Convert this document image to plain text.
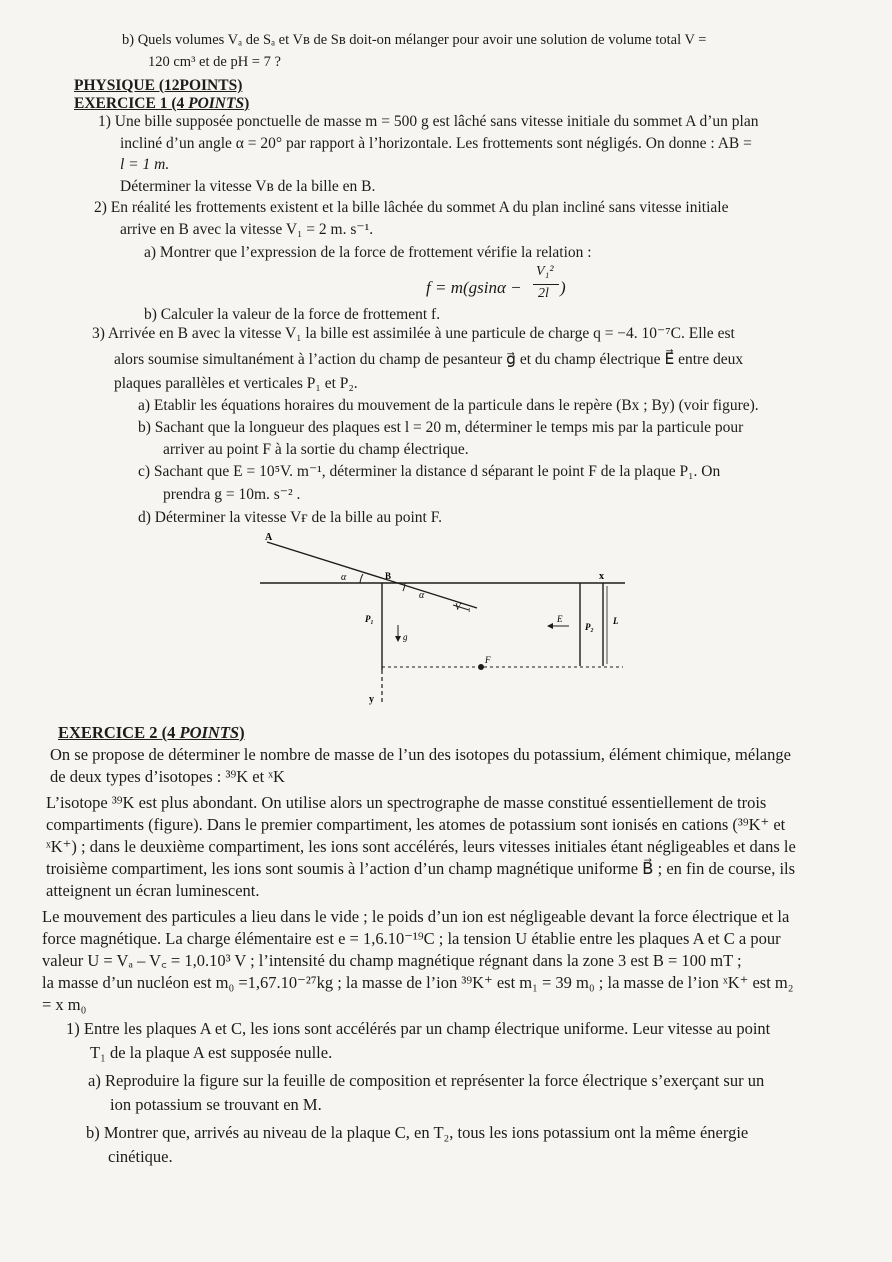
b) Quels volumes Vₐ de Sₐ et Vʙ de Sʙ doit-on mélanger pour avoir une solution de volume total V =
120 cm³ et de pH = 7 ?
PHYSIQUE (12POINTS)
EXERCICE 1 (4 POINTS)
1) Une bille supposée ponctuelle de masse m = 500 g est lâché sans vitesse initiale du sommet A d’un plan
incliné d’un angle α = 20° par rapport à l’horizontale. Les frottements sont négligés. On donne : AB =
l = 1 m.
Déterminer la vitesse Vʙ de la bille en B.
2) En réalité les frottements existent et la bille lâchée du sommet A du plan incliné sans vitesse initiale
arrive en B avec la vitesse V₁ = 2 m. s⁻¹.
a) Montrer que l’expression de la force de frottement vérifie la relation :
f = m(gsinα −
V₁²
2l )
b) Calculer la valeur de la force de frottement f.
3) Arrivée en B avec la vitesse V₁ la bille est assimilée à une particule de charge q = −4. 10⁻⁷C. Elle est
alors soumise simultanément à l’action du champ de pesanteur g⃗ et du champ électrique E⃗ entre deux
plaques parallèles et verticales P₁ et P₂.
a) Etablir les équations horaires du mouvement de la particule dans le repère (Bx ; By) (voir figure).
b) Sachant que la longueur des plaques est l = 20 m, déterminer le temps mis par la particule pour
arriver au point F à la sortie du champ électrique.
c) Sachant que E = 10⁵V. m⁻¹, déterminer la distance d séparant le point F de la plaque P₁. On
prendra g = 10m. s⁻² .
d) Déterminer la vitesse Vғ de la bille au point F.
A
B	x
y
α
α
P₁
P₂
g⃗
V⃗₁
E⃗	L
F
EXERCICE 2 (4 POINTS)
On se propose de déterminer le nombre de masse de l’un des isotopes du potassium, élément chimique, mélange
de deux types d’isotopes : ³⁹K et ˣK
L’isotope ³⁹K est plus abondant. On utilise alors un spectrographe de masse constitué essentiellement de trois
compartiments (figure). Dans le premier compartiment, les atomes de potassium sont ionisés en cations (³⁹K⁺ et
ˣK⁺) ; dans le deuxième compartiment, les ions sont accélérés, leurs vitesses initiales étant négligeables et dans le
troisième compartiment, les ions sont soumis à l’action d’un champ magnétique uniforme B⃗ ; en fin de course, ils
atteignent un écran luminescent.
Le mouvement des particules a lieu dans le vide ; le poids d’un ion est négligeable devant la force électrique et la
force magnétique. La charge élémentaire est e = 1,6.10⁻¹⁹C ; la tension U établie entre les plaques A et C a pour
valeur U = Vₐ – V꜀ = 1,0.10³ V ; l’intensité du champ magnétique régnant dans la zone 3 est B = 100 mT ;
la masse d’un nucléon est m₀ =1,67.10⁻²⁷kg ; la masse de l’ion ³⁹K⁺ est m₁ = 39 m₀ ; la masse de l’ion ˣK⁺ est m₂
= x m₀
1) Entre les plaques A et C, les ions sont accélérés par un champ électrique uniforme. Leur vitesse au point
T₁ de la plaque A est supposée nulle.
a) Reproduire la figure sur la feuille de composition et représenter la force électrique s’exerçant sur un
ion potassium se trouvant en M.
b) Montrer que, arrivés au niveau de la plaque C, en T₂, tous les ions potassium ont la même énergie
cinétique.
